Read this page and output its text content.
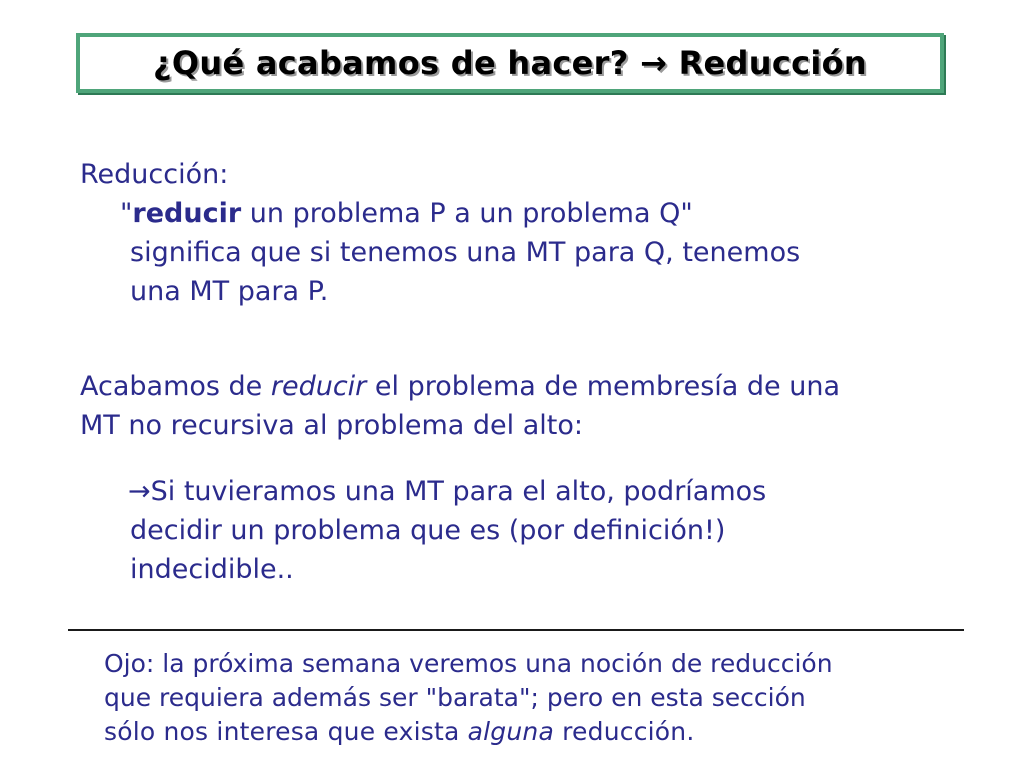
¿Qué acabamos de hacer? → Reducción
Reducción:
"reducir un problema P a un problema Q"
significa que si tenemos una MT para Q, tenemos
una MT para P.
Acabamos de reducir el problema de membresía de una
MT no recursiva al problema del alto:
→Si tuvieramos una MT para el alto, podríamos
decidir un problema que es (por definición!)
indecidible..
Ojo: la próxima semana veremos una noción de reducción
que requiera además ser "barata"; pero en esta sección
sólo nos interesa que exista alguna reducción.
